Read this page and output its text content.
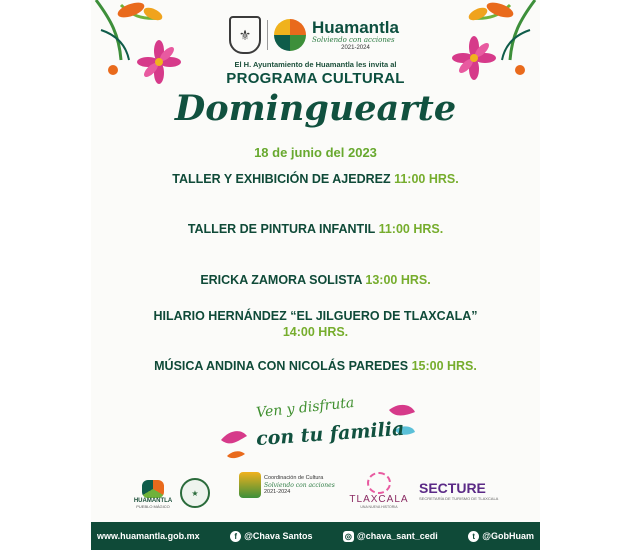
⚜	Huamantla
Solviendo con acciones
2021-2024
El H. Ayuntamiento de Huamantla les invita al
PROGRAMA CULTURAL
Dominguearte
18 de junio del 2023
TALLER Y EXHIBICIÓN DE AJEDREZ 11:00 HRS.
TALLER DE PINTURA INFANTIL 11:00 HRS.
ERICKA ZAMORA SOLISTA 13:00 HRS.
HILARIO HERNÁNDEZ “EL JILGUERO DE TLAXCALA”
14:00 HRS.
MÚSICA ANDINA CON NICOLÁS PAREDES 15:00 HRS.
Ven y disfruta
con tu familia
HUAMANTLA
PUEBLO MÁGICO
★
Coordinación de Cultura
Solviendo con acciones
2021-2024
TLAXCALA
UNA NUEVA HISTORIA
SECTURE
SECRETARÍA DE TURISMO DE TLAXCALA
www.huamantla.gob.mx	f @Chava Santos	◎ @chava_sant_cedi	t @GobHuam
